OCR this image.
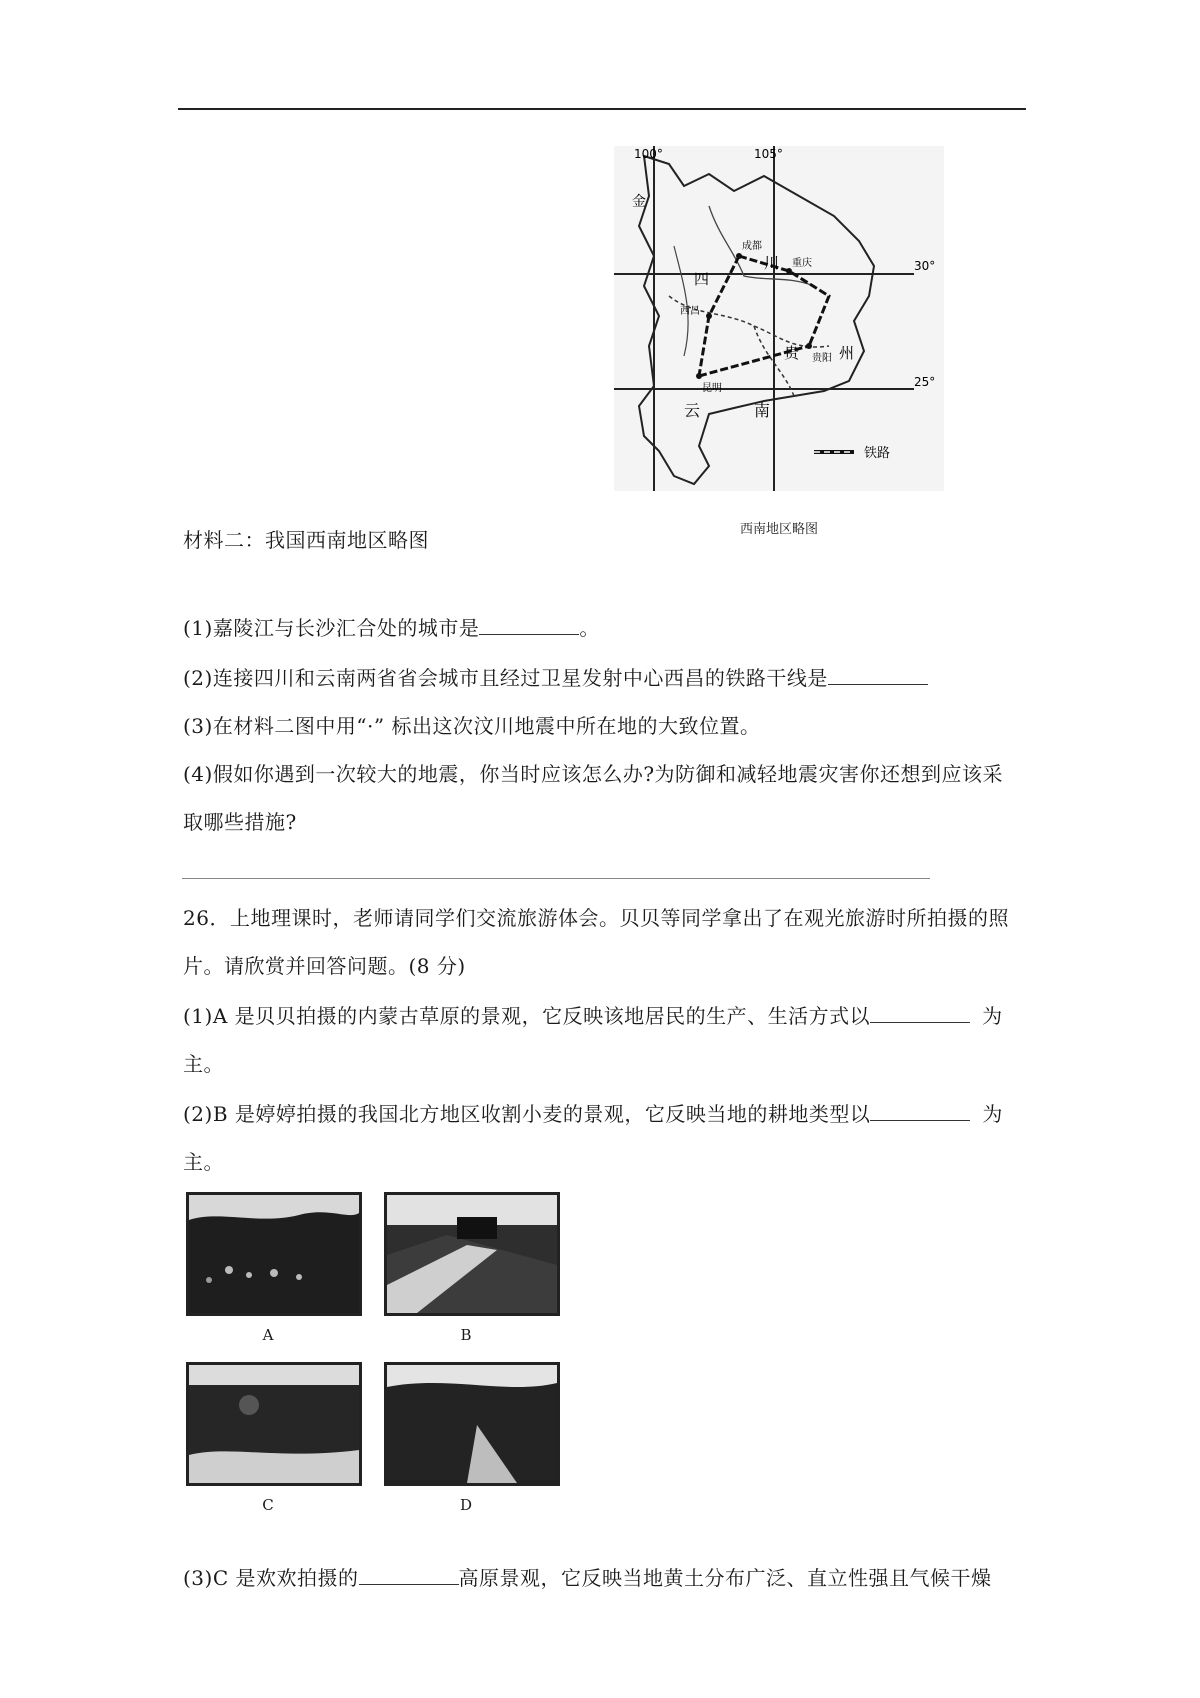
100°	105°
30°
25°
金
四
川
贵	州
云	南
成都
重庆
西昌
贵阳
昆明
铁路
西南地区略图
材料二：我国西南地区略图
(1)嘉陵江与长沙汇合处的城市是	。
(2)连接四川和云南两省省会城市且经过卫星发射中心西昌的铁路干线是
(3)在材料二图中用“·” 标出这次汶川地震中所在地的大致位置。
(4)假如你遇到一次较大的地震，你当时应该怎么办?为防御和减轻地震灾害你还想到应该采
取哪些措施?
26．上地理课时，老师请同学们交流旅游体会。贝贝等同学拿出了在观光旅游时所拍摄的照
片。请欣赏并回答问题。(8 分)
(1)A 是贝贝拍摄的内蒙古草原的景观，它反映该地居民的生产、生活方式以	为
主。
(2)B 是婷婷拍摄的我国北方地区收割小麦的景观，它反映当地的耕地类型以	为
主。
A	B
C	D
(3)C 是欢欢拍摄的	高原景观，它反映当地黄土分布广泛、直立性强且气候干燥
